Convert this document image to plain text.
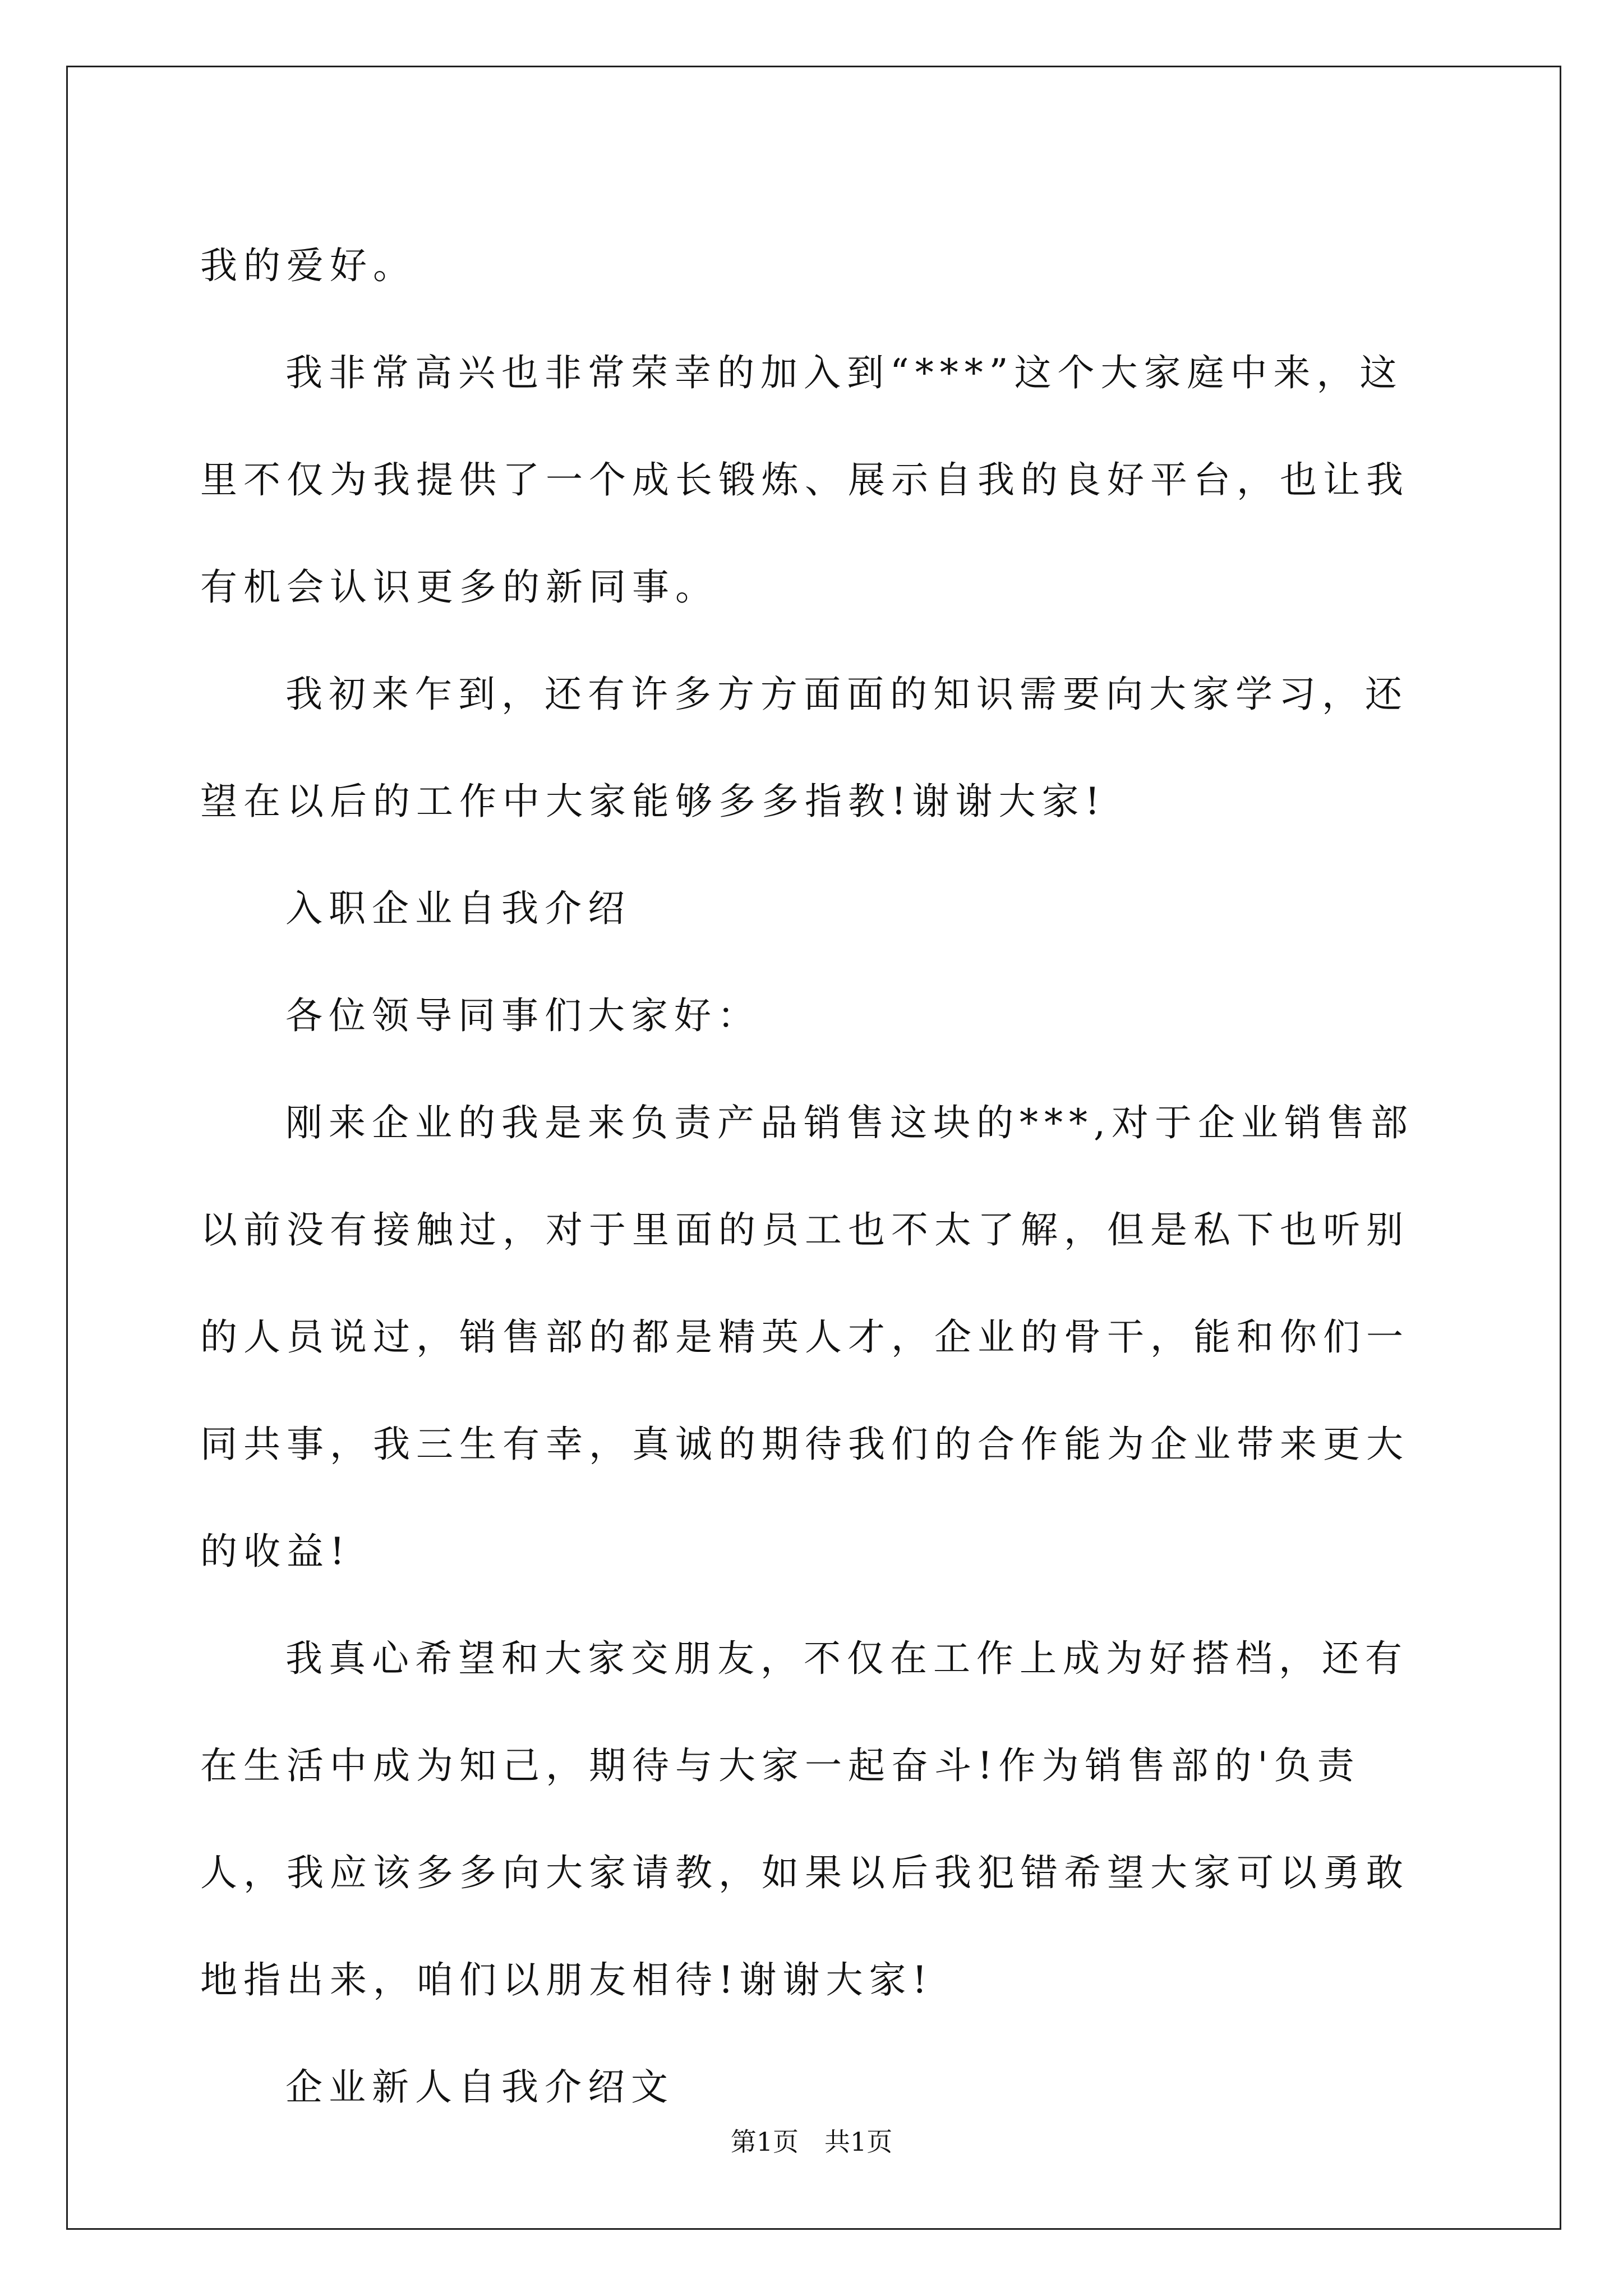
我的爱好。

我非常高兴也非常荣幸的加入到“***”这个大家庭中来，这里不仅为我提供了一个成长锻炼、展示自我的良好平台，也让我有机会认识更多的新同事。

我初来乍到，还有许多方方面面的知识需要向大家学习，还望在以后的工作中大家能够多多指教!谢谢大家!

入职企业自我介绍

各位领导同事们大家好：

刚来企业的我是来负责产品销售这块的***,对于企业销售部以前没有接触过，对于里面的员工也不太了解，但是私下也听别的人员说过，销售部的都是精英人才，企业的骨干，能和你们一同共事，我三生有幸，真诚的期待我们的合作能为企业带来更大的收益!

我真心希望和大家交朋友，不仅在工作上成为好搭档，还有在生活中成为知己，期待与大家一起奋斗!作为销售部的'负责人，我应该多多向大家请教，如果以后我犯错希望大家可以勇敢地指出来，咱们以朋友相待!谢谢大家!

企业新人自我介绍文

第1页　共1页
